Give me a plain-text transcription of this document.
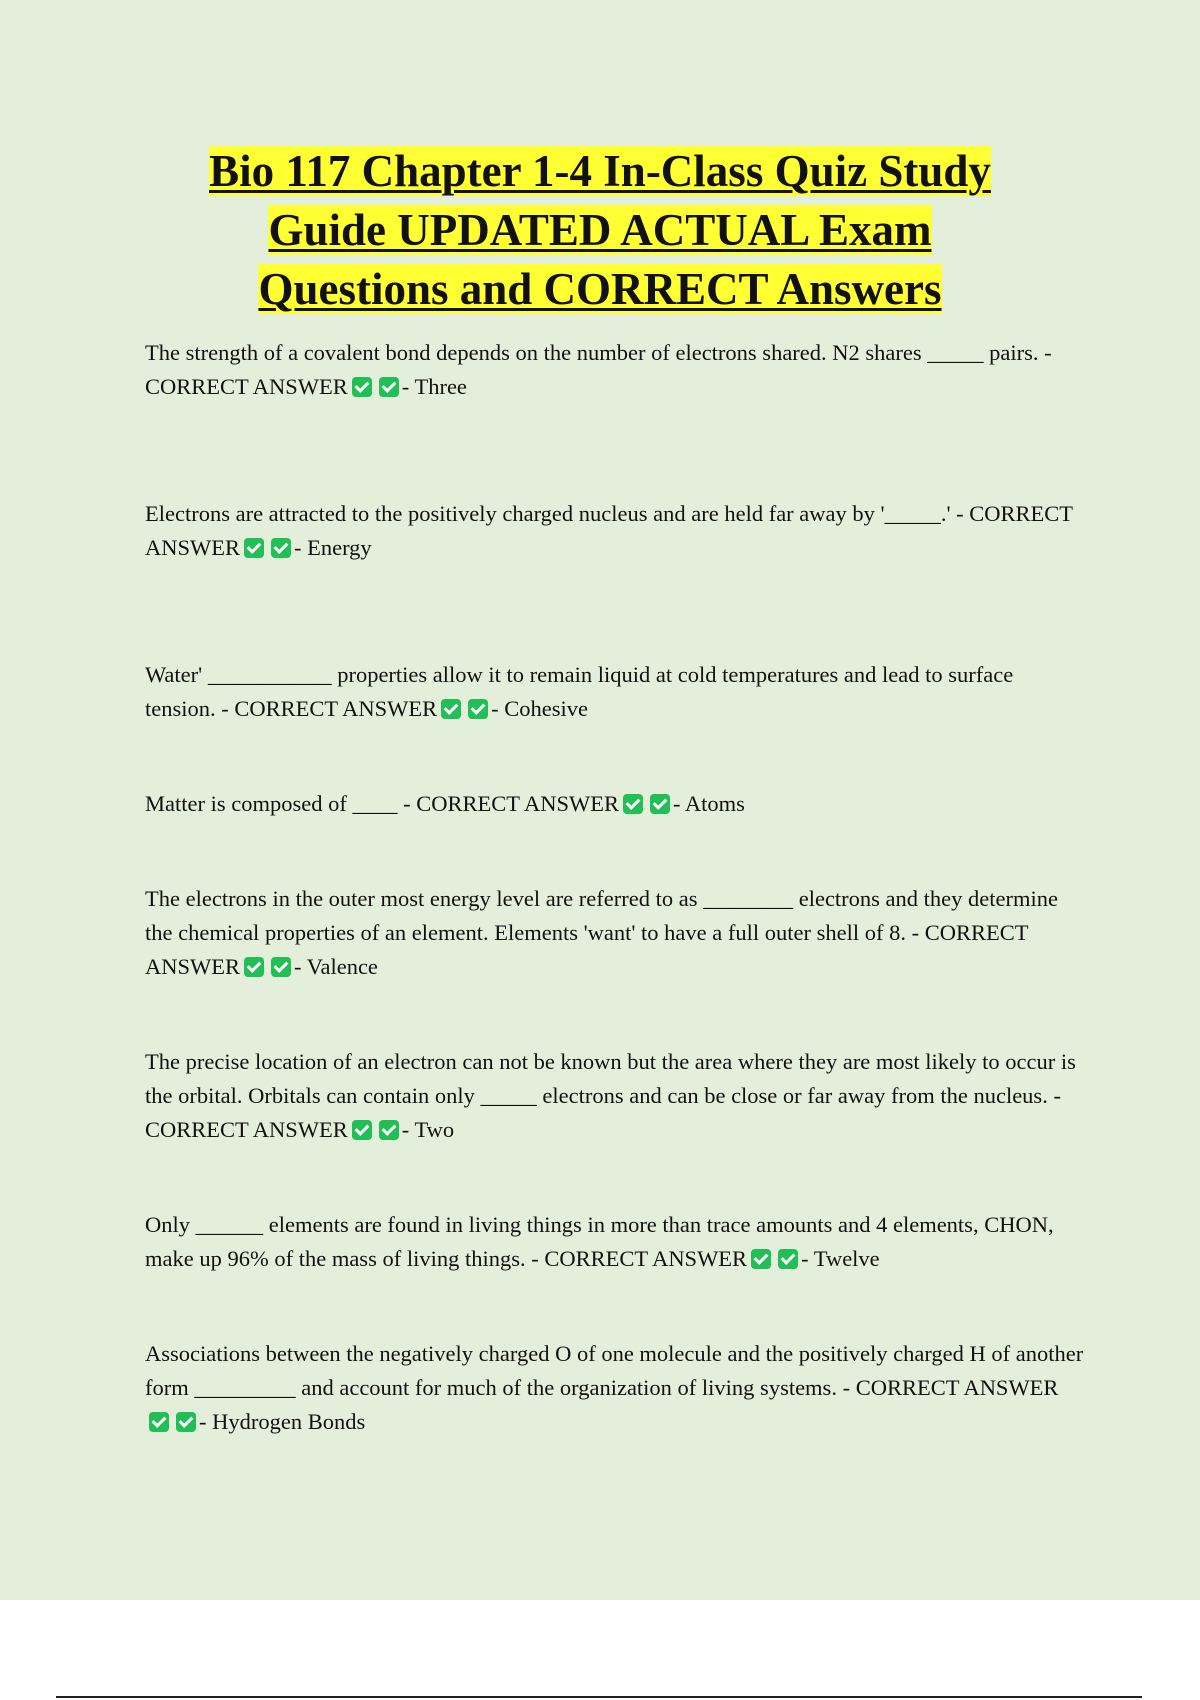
Bio 117 Chapter 1-4 In-Class Quiz Study
Guide UPDATED ACTUAL Exam
Questions and CORRECT Answers

The strength of a covalent bond depends on the number of electrons shared. N2 shares _____ pairs. - CORRECT ANSWER - Three

Electrons are attracted to the positively charged nucleus and are held far away by '_____.' - CORRECT ANSWER - Energy

Water' ___________ properties allow it to remain liquid at cold temperatures and lead to surface tension. - CORRECT ANSWER - Cohesive

Matter is composed of ____ - CORRECT ANSWER - Atoms

The electrons in the outer most energy level are referred to as ________ electrons and they determine the chemical properties of an element. Elements 'want' to have a full outer shell of 8. - CORRECT ANSWER - Valence

The precise location of an electron can not be known but the area where they are most likely to occur is the orbital. Orbitals can contain only _____ electrons and can be close or far away from the nucleus. - CORRECT ANSWER - Two

Only ______ elements are found in living things in more than trace amounts and 4 elements, CHON, make up 96% of the mass of living things. - CORRECT ANSWER - Twelve

Associations between the negatively charged O of one molecule and the positively charged H of another form _________ and account for much of the organization of living systems. - CORRECT ANSWER- Hydrogen Bonds
